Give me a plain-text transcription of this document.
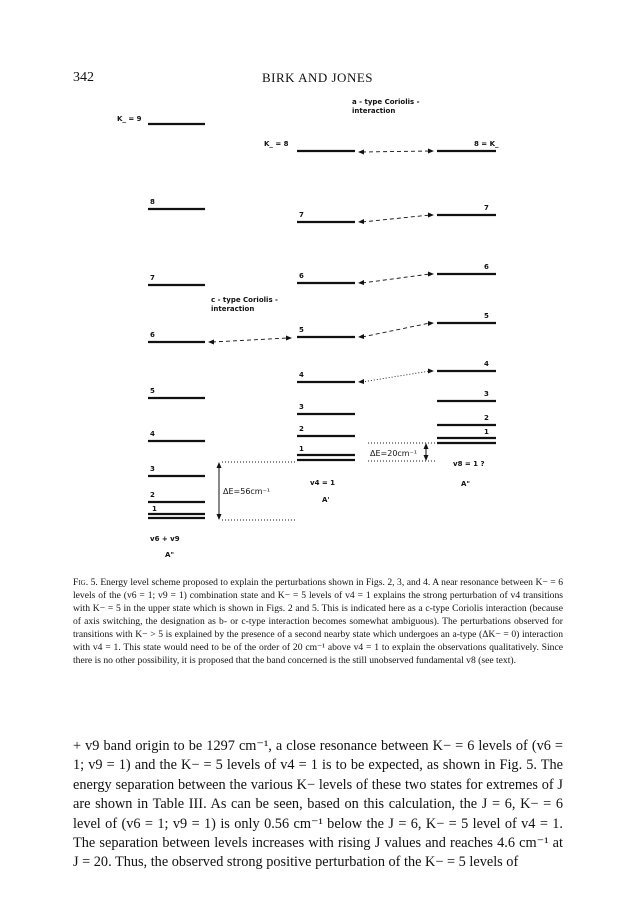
342	BIRK AND JONES
K_ = 9
8
7
6
5
4
3
2
1
v6 + v9
A"
K_ = 8
7
6
5
4
3
2
1
v4 = 1
A'
8 = K_
7
6
5
4
3
2
1
v8 = 1 ?
A"
a - type Coriolis -
interaction
c - type Coriolis -
interaction
ΔE=56cm⁻¹
ΔE=20cm⁻¹
Fig. 5. Energy level scheme proposed to explain the perturbations shown in Figs. 2, 3, and 4. A near resonance between K− = 6 levels of the (v6 = 1; v9 = 1) combination state and K− = 5 levels of v4 = 1 explains the strong perturbation of v4 transitions with K− = 5 in the upper state which is shown in Figs. 2 and 5. This is indicated here as a c-type Coriolis interaction (because of axis switching, the designation as b- or c-type interaction becomes somewhat ambiguous). The perturbations observed for transitions with K− > 5 is explained by the presence of a second nearby state which undergoes an a-type (ΔK− = 0) interaction with v4 = 1. This state would need to be of the order of 20 cm⁻¹ above v4 = 1 to explain the observations qualitatively. Since there is no other possibility, it is proposed that the band concerned is the still unobserved fundamental v8 (see text).
+ v9 band origin to be 1297 cm⁻¹, a close resonance between K− = 6 levels of (v6 = 1; v9 = 1) and the K− = 5 levels of v4 = 1 is to be expected, as shown in Fig. 5. The energy separation between the various K− levels of these two states for extremes of J are shown in Table III. As can be seen, based on this calculation, the J = 6, K− = 6 level of (v6 = 1; v9 = 1) is only 0.56 cm⁻¹ below the J = 6, K− = 5 level of v4 = 1. The separation between levels increases with rising J values and reaches 4.6 cm⁻¹ at J = 20. Thus, the observed strong positive perturbation of the K− = 5 levels of
